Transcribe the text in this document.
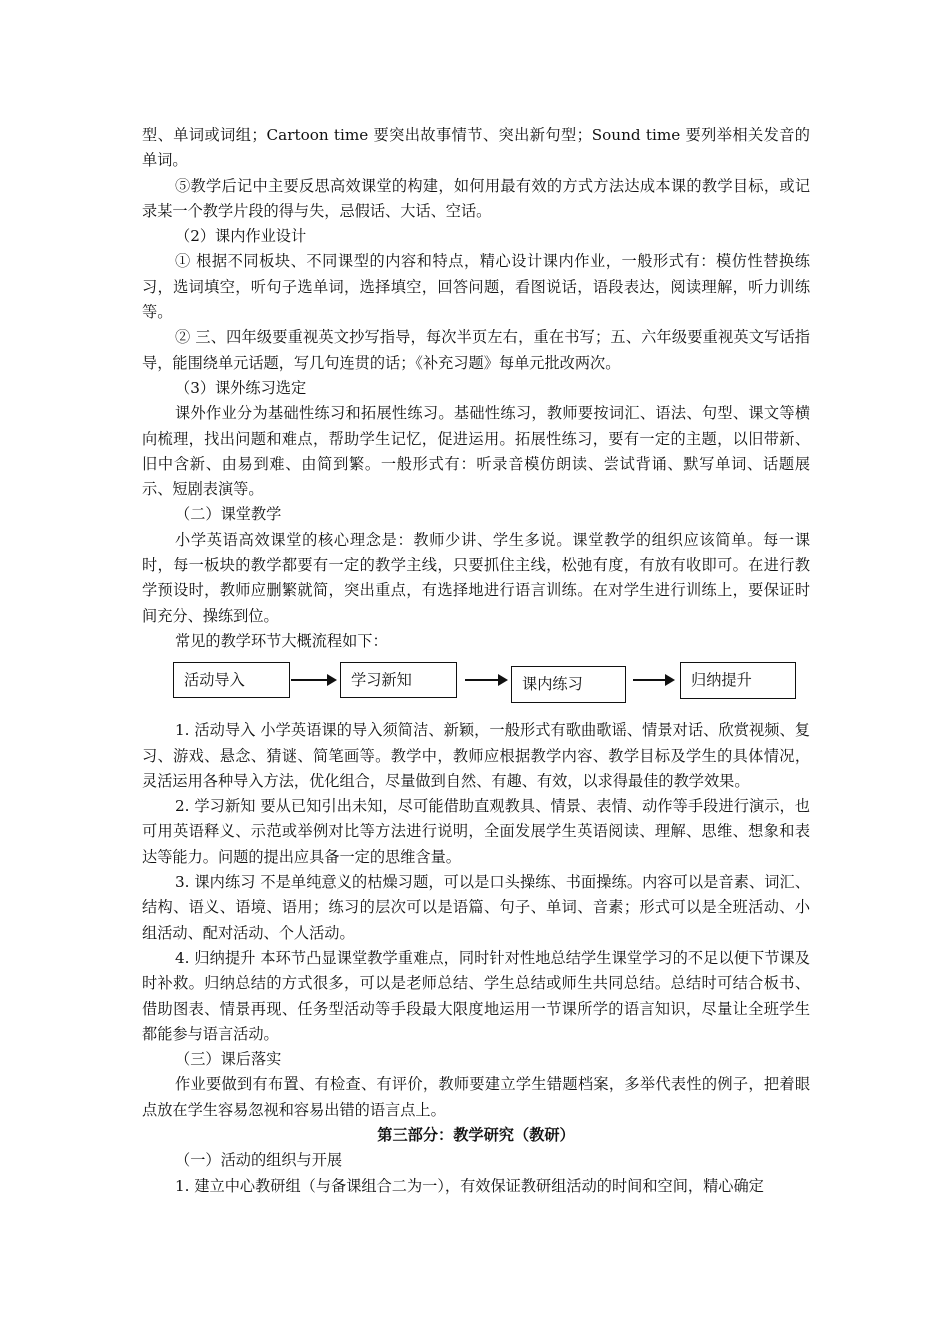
型、单词或词组；Cartoon time 要突出故事情节、突出新句型；Sound time 要列举相关发音的单词。

⑤教学后记中主要反思高效课堂的构建，如何用最有效的方式方法达成本课的教学目标，或记录某一个教学片段的得与失，忌假话、大话、空话。

（2）课内作业设计

① 根据不同板块、不同课型的内容和特点，精心设计课内作业，一般形式有：模仿性替换练习，选词填空，听句子选单词，选择填空，回答问题，看图说话，语段表达，阅读理解，听力训练等。

② 三、四年级要重视英文抄写指导，每次半页左右，重在书写；五、六年级要重视英文写话指导，能围绕单元话题，写几句连贯的话；《补充习题》每单元批改两次。

（3）课外练习选定

课外作业分为基础性练习和拓展性练习。基础性练习，教师要按词汇、语法、句型、课文等横向梳理，找出问题和难点，帮助学生记忆，促进运用。拓展性练习，要有一定的主题，以旧带新、旧中含新、由易到难、由简到繁。一般形式有：听录音模仿朗读、尝试背诵、默写单词、话题展示、短剧表演等。

（二）课堂教学

小学英语高效课堂的核心理念是：教师少讲、学生多说。课堂教学的组织应该简单。每一课时，每一板块的教学都要有一定的教学主线，只要抓住主线，松弛有度，有放有收即可。在进行教学预设时，教师应删繁就简，突出重点，有选择地进行语言训练。在对学生进行训练上，要保证时间充分、操练到位。

常见的教学环节大概流程如下：

活动导入	学习新知	课内练习	归纳提升

1. 活动导入 小学英语课的导入须简洁、新颖，一般形式有歌曲歌谣、情景对话、欣赏视频、复习、游戏、悬念、猜谜、简笔画等。教学中，教师应根据教学内容、教学目标及学生的具体情况，灵活运用各种导入方法，优化组合，尽量做到自然、有趣、有效，以求得最佳的教学效果。

2. 学习新知 要从已知引出未知，尽可能借助直观教具、情景、表情、动作等手段进行演示，也可用英语释义、示范或举例对比等方法进行说明，全面发展学生英语阅读、理解、思维、想象和表达等能力。问题的提出应具备一定的思维含量。

3. 课内练习 不是单纯意义的枯燥习题，可以是口头操练、书面操练。内容可以是音素、词汇、结构、语义、语境、语用；练习的层次可以是语篇、句子、单词、音素；形式可以是全班活动、小组活动、配对活动、个人活动。

4. 归纳提升 本环节凸显课堂教学重难点，同时针对性地总结学生课堂学习的不足以便下节课及时补救。归纳总结的方式很多，可以是老师总结、学生总结或师生共同总结。总结时可结合板书、借助图表、情景再现、任务型活动等手段最大限度地运用一节课所学的语言知识，尽量让全班学生都能参与语言活动。

（三）课后落实

作业要做到有布置、有检查、有评价，教师要建立学生错题档案，多举代表性的例子，把着眼点放在学生容易忽视和容易出错的语言点上。

第三部分：教学研究（教研）

（一）活动的组织与开展

1. 建立中心教研组（与备课组合二为一），有效保证教研组活动的时间和空间，精心确定
